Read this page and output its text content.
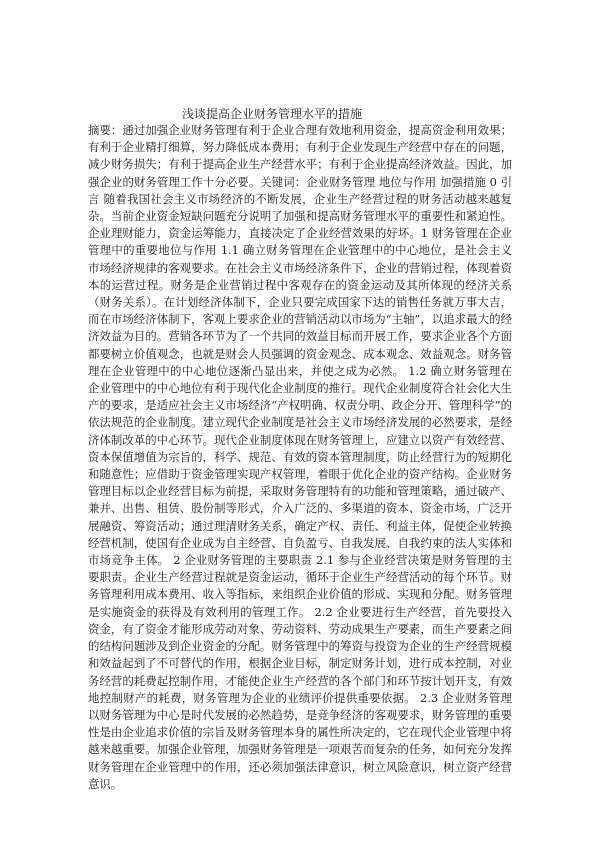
浅谈提高企业财务管理水平的措施

摘要：通过加强企业财务管理有利于企业合理有效地利用资金，提高资金利用效果；有利于企业精打细算，努力降低成本费用；有利于企业发现生产经营中存在的问题，减少财务损失；有利于提高企业生产经营水平；有利于企业提高经济效益。因此，加强企业的财务管理工作十分必要。关键词：企业财务管理 地位与作用 加强措施 0 引言 随着我国社会主义市场经济的不断发展，企业生产经营过程的财务活动越来越复杂。当前企业资金短缺问题充分说明了加强和提高财务管理水平的重要性和紧迫性。企业理财能力，资金运筹能力，直接决定了企业经营效果的好坏。1 财务管理在企业管理中的重要地位与作用 1.1 确立财务管理在企业管理中的中心地位，是社会主义市场经济规律的客观要求。在社会主义市场经济条件下，企业的营销过程，体现着资本的运营过程。财务是企业营销过程中客观存在的资金运动及其所体现的经济关系（财务关系）。在计划经济体制下，企业只要完成国家下达的销售任务就万事大吉，而在市场经济体制下，客观上要求企业的营销活动以市场为“主轴”，以追求最大的经济效益为目的。营销各环节为了一个共同的效益目标而开展工作，要求企业各个方面都要树立价值观念，也就是财会人员强调的资金观念、成本观念、效益观念。财务管理在企业管理中的中心地位逐渐凸显出来，并使之成为必然。 1.2 确立财务管理在企业管理中的中心地位有利于现代化企业制度的推行。现代企业制度符合社会化大生产的要求，是适应社会主义市场经济“产权明确、权责分明、政企分开、管理科学”的依法规范的企业制度。建立现代企业制度是社会主义市场经济发展的必然要求，是经济体制改革的中心环节。现代企业制度体现在财务管理上，应建立以资产有效经营、资本保值增值为宗旨的，科学、规范、有效的资本管理制度，防止经营行为的短期化和随意性；应借助于资金管理实现产权管理，着眼于优化企业的资产结构。企业财务管理目标以企业经营目标为前提，采取财务管理特有的功能和管理策略，通过破产、兼并、出售、租赁、股份制等形式，介入广泛的、多渠道的资本、资金市场，广泛开展融资、筹资活动；通过理清财务关系，确定产权、责任、利益主体，促使企业转换经营机制，使国有企业成为自主经营、自负盈亏、自我发展、自我约束的法人实体和市场竞争主体。 2 企业财务管理的主要职责 2.1 参与企业经营决策是财务管理的主要职责。企业生产经营过程就是资金运动，循环于企业生产经营活动的每个环节。财务管理利用成本费用、收入等指标，来组织企业价值的形成、实现和分配。财务管理是实施资金的获得及有效利用的管理工作。 2.2 企业要进行生产经营，首先要投入资金，有了资金才能形成劳动对象、劳动资料、劳动成果生产要素，而生产要素之间的结构问题涉及到企业资金的分配。财务管理中的筹资与投资为企业的生产经营规模和效益起到了不可替代的作用，根据企业目标，制定财务计划，进行成本控制，对业务经营的耗费起控制作用，才能使企业生产经营的各个部门和环节按计划开支，有效地控制财产的耗费，财务管理为企业的业绩评价提供重要依据。 2.3 企业财务管理以财务管理为中心是时代发展的必然趋势，是竞争经济的客观要求，财务管理的重要性是由企业追求价值的宗旨及财务管理本身的属性所决定的，它在现代企业管理中将越来越重要。加强企业管理，加强财务管理是一项艰苦而复杂的任务，如何充分发挥财务管理在企业管理中的作用，还必须加强法律意识，树立风险意识，树立资产经营意识。
